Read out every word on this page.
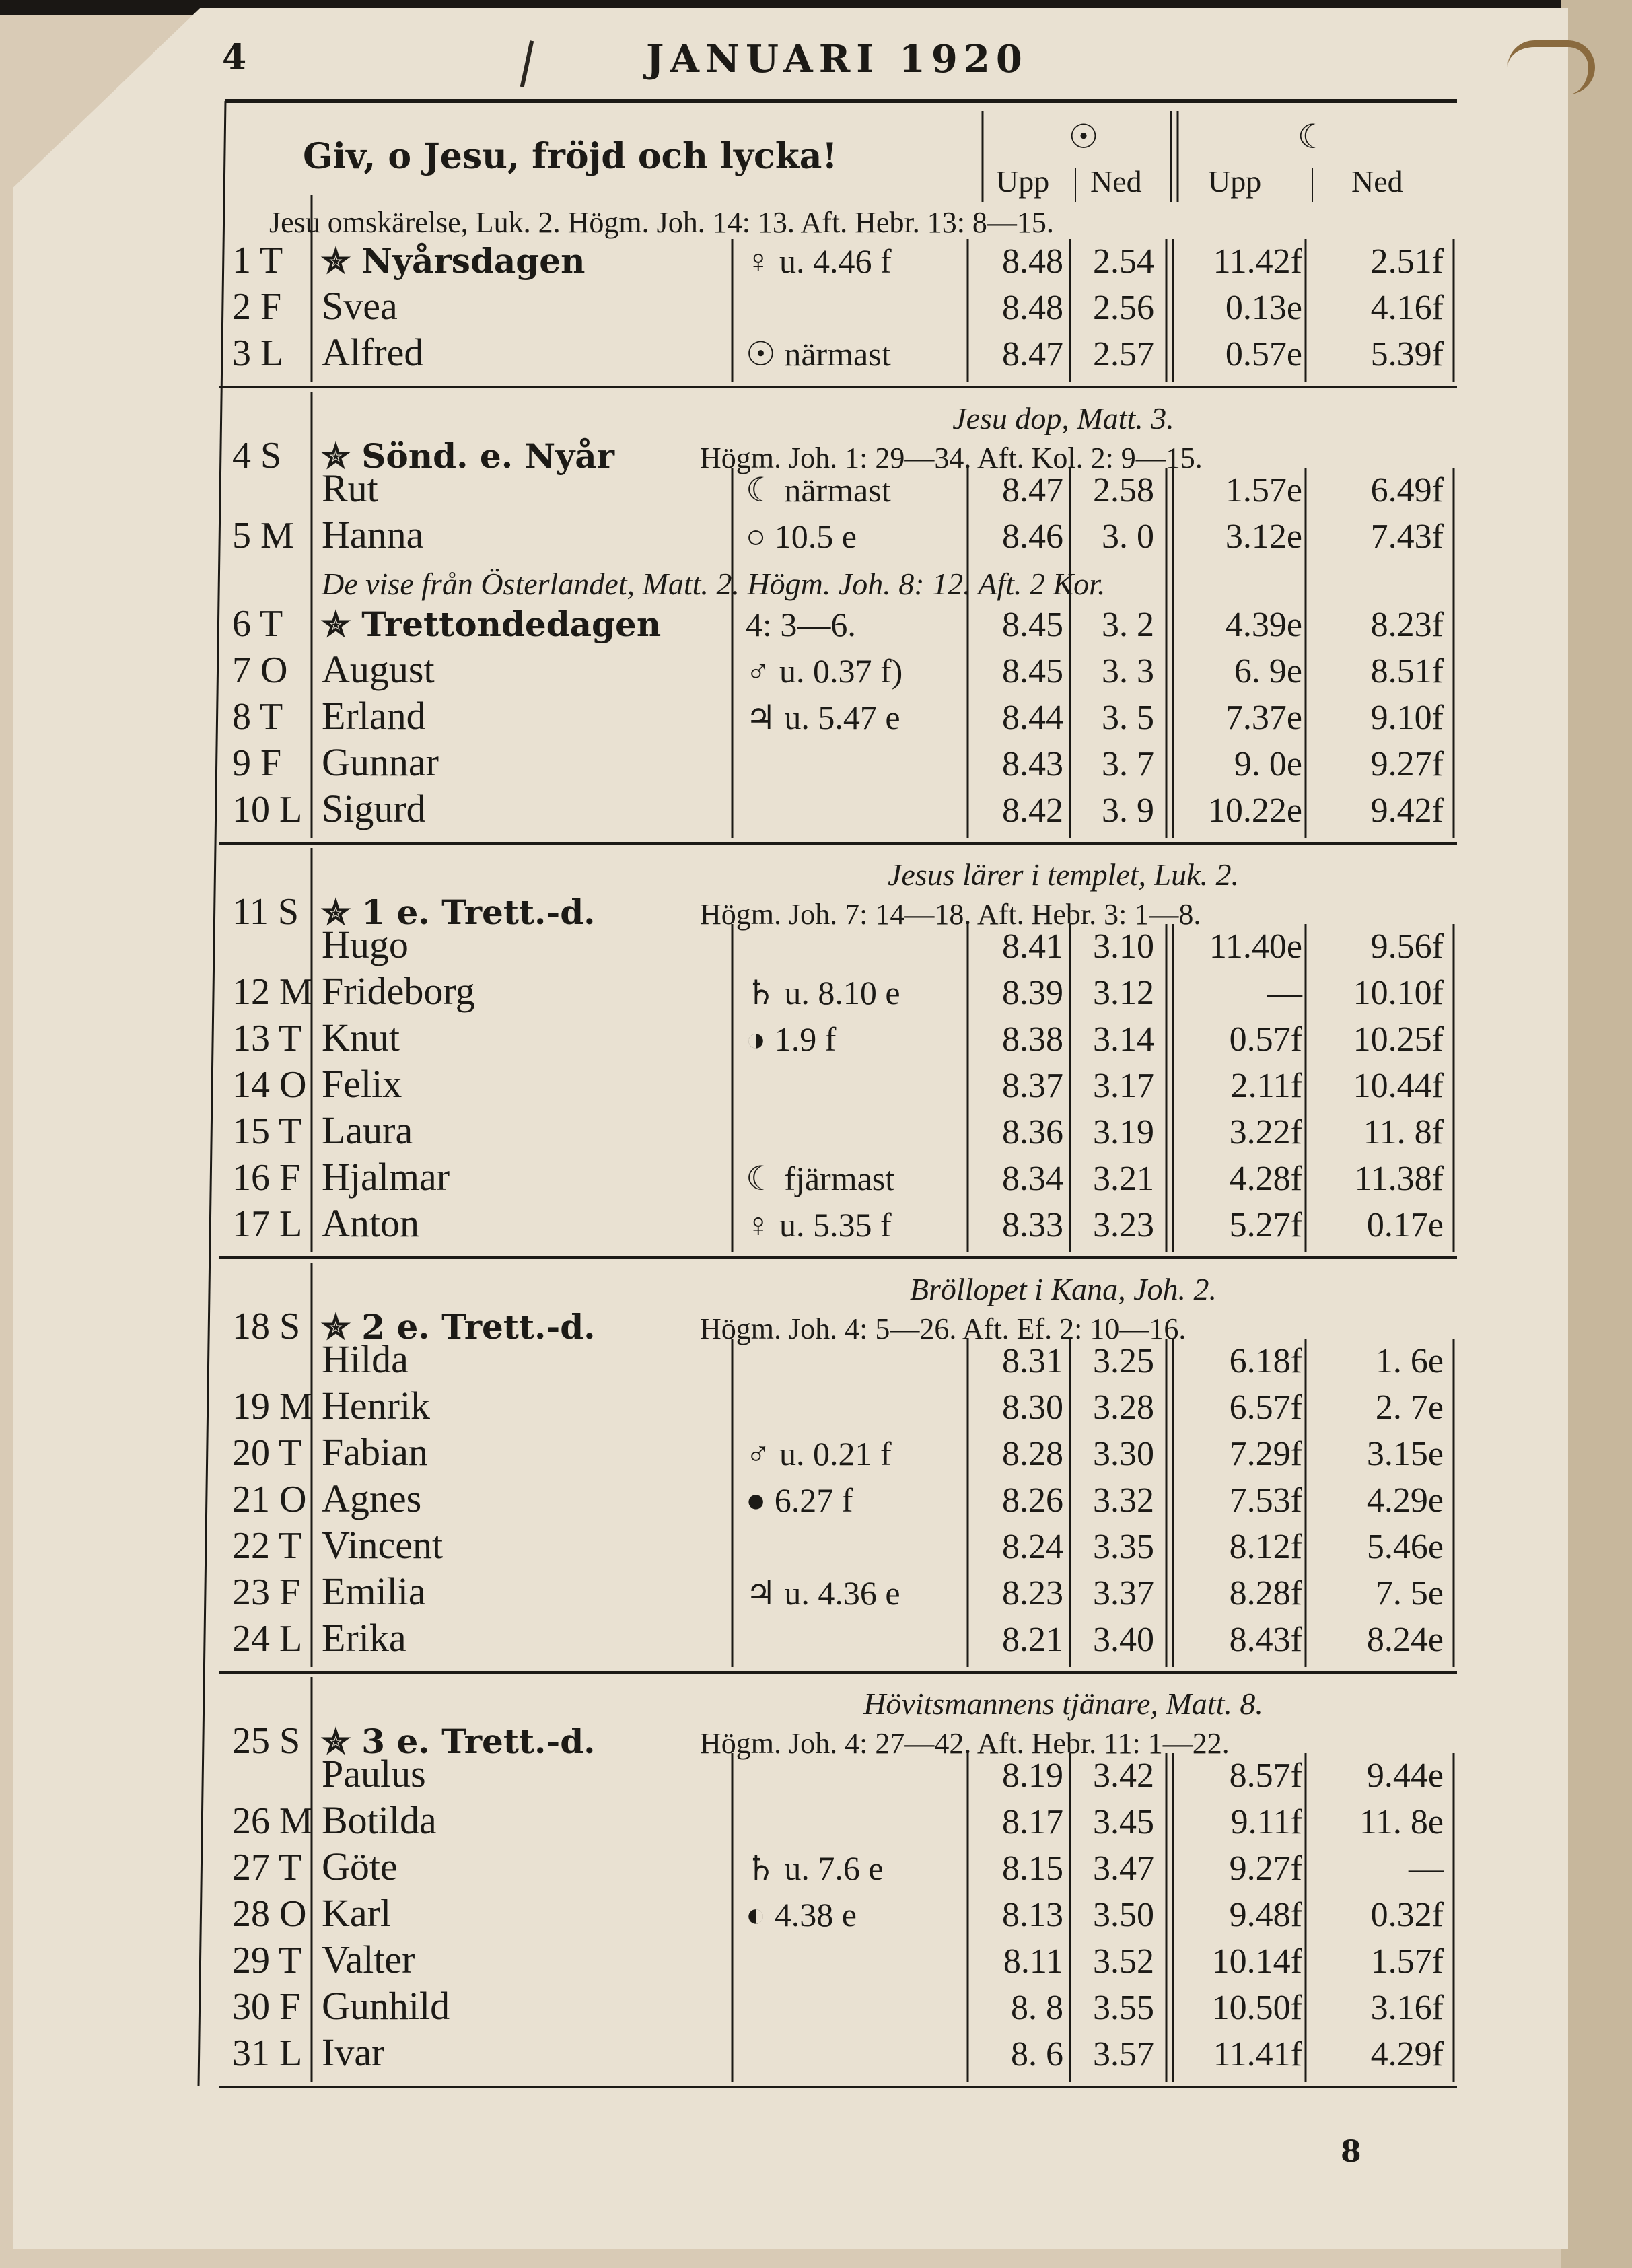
4	JANUARI 1920
Giv, o Jesu, fröjd och lycka!	☉	☾
Upp Ned Upp	Ned
Jesu omskärelse, Luk. 2. Högm. Joh. 14: 13. Aft. Hebr. 13: 8—15.
1 T ✮ Nyårsdagen	♀ u. 4.46 f	8.48 2.54 11.42f 2.51f
2 F Svea	8.48 2.56 0.13e 4.16f
3 L Alfred	☉ närmast	8.47 2.57 0.57e 5.39f
Jesu dop, Matt. 3.
4 S ✮ Sönd. e. Nyår	Högm. Joh. 1: 29—34. Aft. Kol. 2: 9—15.
Rut	☾ närmast	8.47 2.58 1.57e 6.49f
5 M Hanna	○ 10.5 e	8.46 3. 0 3.12e 7.43f
De vise från Österlandet, Matt. 2. Högm. Joh. 8: 12. Aft. 2 Kor.
6 T ✮ Trettondedagen	4: 3—6.	8.45 3. 2 4.39e 8.23f
7 O August	♂ u. 0.37 f)	8.45 3. 3 6. 9e 8.51f
8 T Erland	♃ u. 5.47 e	8.44 3. 5 7.37e 9.10f
9 F Gunnar	8.43 3. 7 9. 0e 9.27f
10 L Sigurd	8.42 3. 9 10.22e 9.42f
Jesus lärer i templet, Luk. 2.
11 S ✮ 1 e. Trett.-d.	Högm. Joh. 7: 14—18. Aft. Hebr. 3: 1—8.
Hugo	8.41 3.10 11.40e 9.56f
12 M Frideborg	♄ u. 8.10 e	8.39 3.12	— 10.10f
13 T Knut	◑ 1.9 f	8.38 3.14 0.57f 10.25f
14 O Felix	8.37 3.17 2.11f 10.44f
15 T Laura	8.36 3.19 3.22f 11. 8f
16 F Hjalmar	☾ fjärmast	8.34 3.21 4.28f 11.38f
17 L Anton	♀ u. 5.35 f	8.33 3.23 5.27f 0.17e
Bröllopet i Kana, Joh. 2.
18 S ✮ 2 e. Trett.-d.	Högm. Joh. 4: 5—26. Aft. Ef. 2: 10—16.
Hilda	8.31 3.25 6.18f 1. 6e
19 M Henrik	8.30 3.28 6.57f 2. 7e
20 T Fabian	♂ u. 0.21 f	8.28 3.30 7.29f 3.15e
21 O Agnes	● 6.27 f	8.26 3.32 7.53f 4.29e
22 T Vincent	8.24 3.35 8.12f 5.46e
23 F Emilia	♃ u. 4.36 e	8.23 3.37 8.28f 7. 5e
24 L Erika	8.21 3.40 8.43f 8.24e
Hövitsmannens tjänare, Matt. 8.
25 S ✮ 3 e. Trett.-d.	Högm. Joh. 4: 27—42. Aft. Hebr. 11: 1—22.
Paulus	8.19 3.42 8.57f 9.44e
26 M Botilda	8.17 3.45 9.11f 11. 8e
27 T Göte	♄ u. 7.6 e	8.15 3.47 9.27f	—
28 O Karl	◐ 4.38 e	8.13 3.50 9.48f 0.32f
29 T Valter	8.11 3.52 10.14f 1.57f
30 F Gunhild	8. 8 3.55 10.50f 3.16f
31 L Ivar	8. 6 3.57 11.41f 4.29f
8
